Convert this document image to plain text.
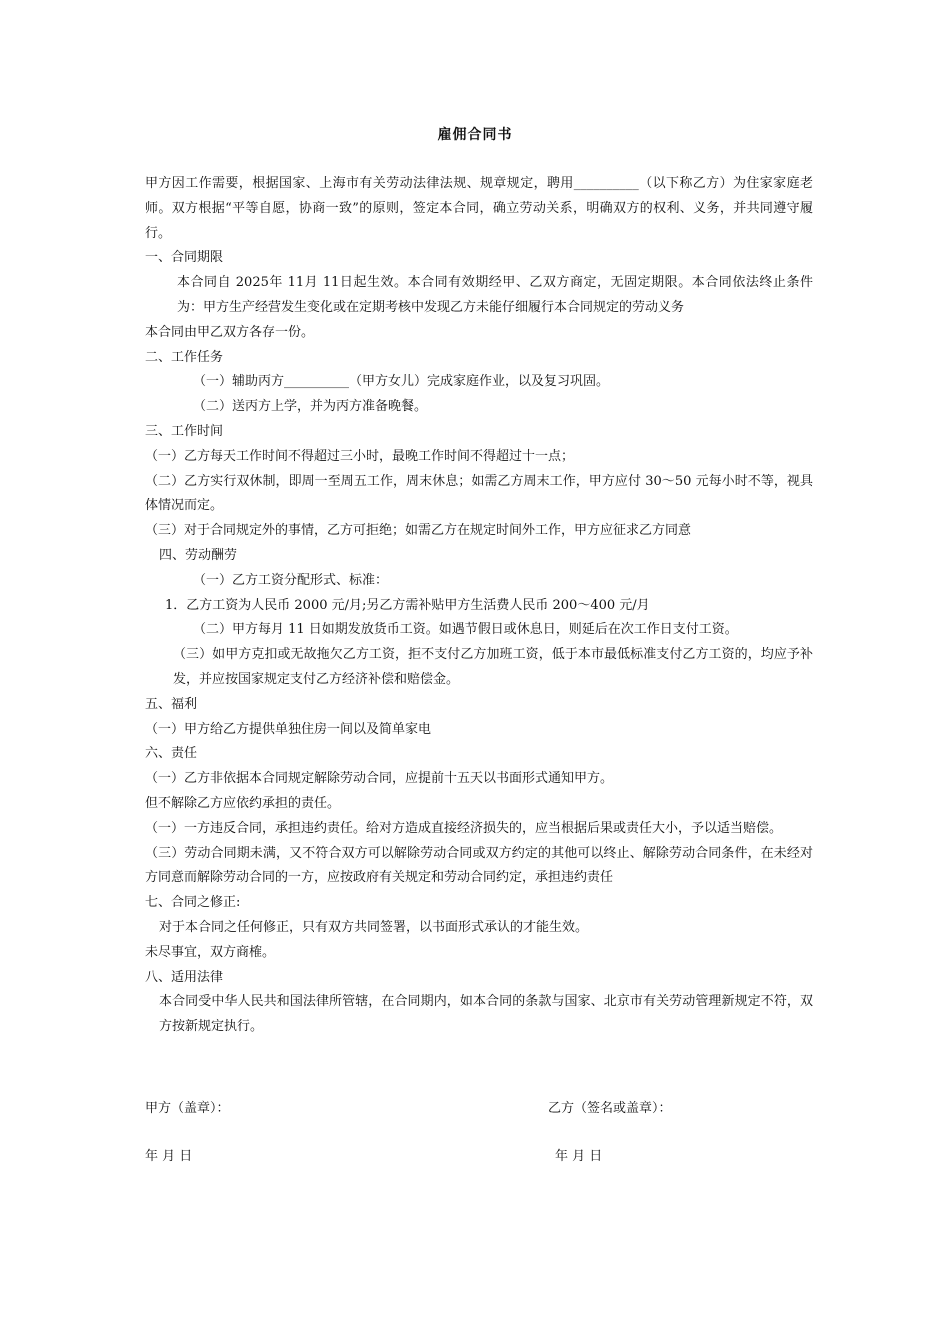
雇佣合同书

甲方因工作需要，根据国家、上海市有关劳动法律法规、规章规定，聘用__________（以下称乙方）为住家家庭老师。双方根据“平等自愿，协商一致”的原则，签定本合同，确立劳动关系，明确双方的权利、义务，并共同遵守履行。

一、合同期限

本合同自 2025年 11月 11日起生效。本合同有效期经甲、乙双方商定，无固定期限。本合同依法终止条件为：甲方生产经营发生变化或在定期考核中发现乙方未能仔细履行本合同规定的劳动义务

本合同由甲乙双方各存一份。

二、工作任务

（一）辅助丙方__________（甲方女儿）完成家庭作业，以及复习巩固。

（二）送丙方上学，并为丙方准备晚餐。

三、工作时间

（一）乙方每天工作时间不得超过三小时，最晚工作时间不得超过十一点；

（二）乙方实行双休制，即周一至周五工作，周末休息；如需乙方周末工作，甲方应付 30～50 元每小时不等，视具体情况而定。

（三）对于合同规定外的事情，乙方可拒绝；如需乙方在规定时间外工作，甲方应征求乙方同意

四、劳动酬劳

（一）乙方工资分配形式、标准：

1．乙方工资为人民币 2000 元/月;另乙方需补贴甲方生活费人民币 200～400 元/月

（二）甲方每月 11 日如期发放货币工资。如遇节假日或休息日，则延后在次工作日支付工资。

（三）如甲方克扣或无故拖欠乙方工资，拒不支付乙方加班工资，低于本市最低标准支付乙方工资的，均应予补发，并应按国家规定支付乙方经济补偿和赔偿金。

五、福利

（一）甲方给乙方提供单独住房一间以及简单家电

六、责任

（一）乙方非依据本合同规定解除劳动合同，应提前十五天以书面形式通知甲方。

但不解除乙方应依约承担的责任。

（一）一方违反合同，承担违约责任。给对方造成直接经济损失的，应当根据后果或责任大小，予以适当赔偿。

（三）劳动合同期未满，又不符合双方可以解除劳动合同或双方约定的其他可以终止、解除劳动合同条件，在未经对方同意而解除劳动合同的一方，应按政府有关规定和劳动合同约定，承担违约责任

七、合同之修正:

对于本合同之任何修正，只有双方共同签署，以书面形式承认的才能生效。

未尽事宜，双方商榷。

八、适用法律

本合同受中华人民共和国法律所管辖，在合同期内，如本合同的条款与国家、北京市有关劳动管理新规定不符，双方按新规定执行。

甲方（盖章）：	乙方（签名或盖章）：
年 月 日	年 月 日
